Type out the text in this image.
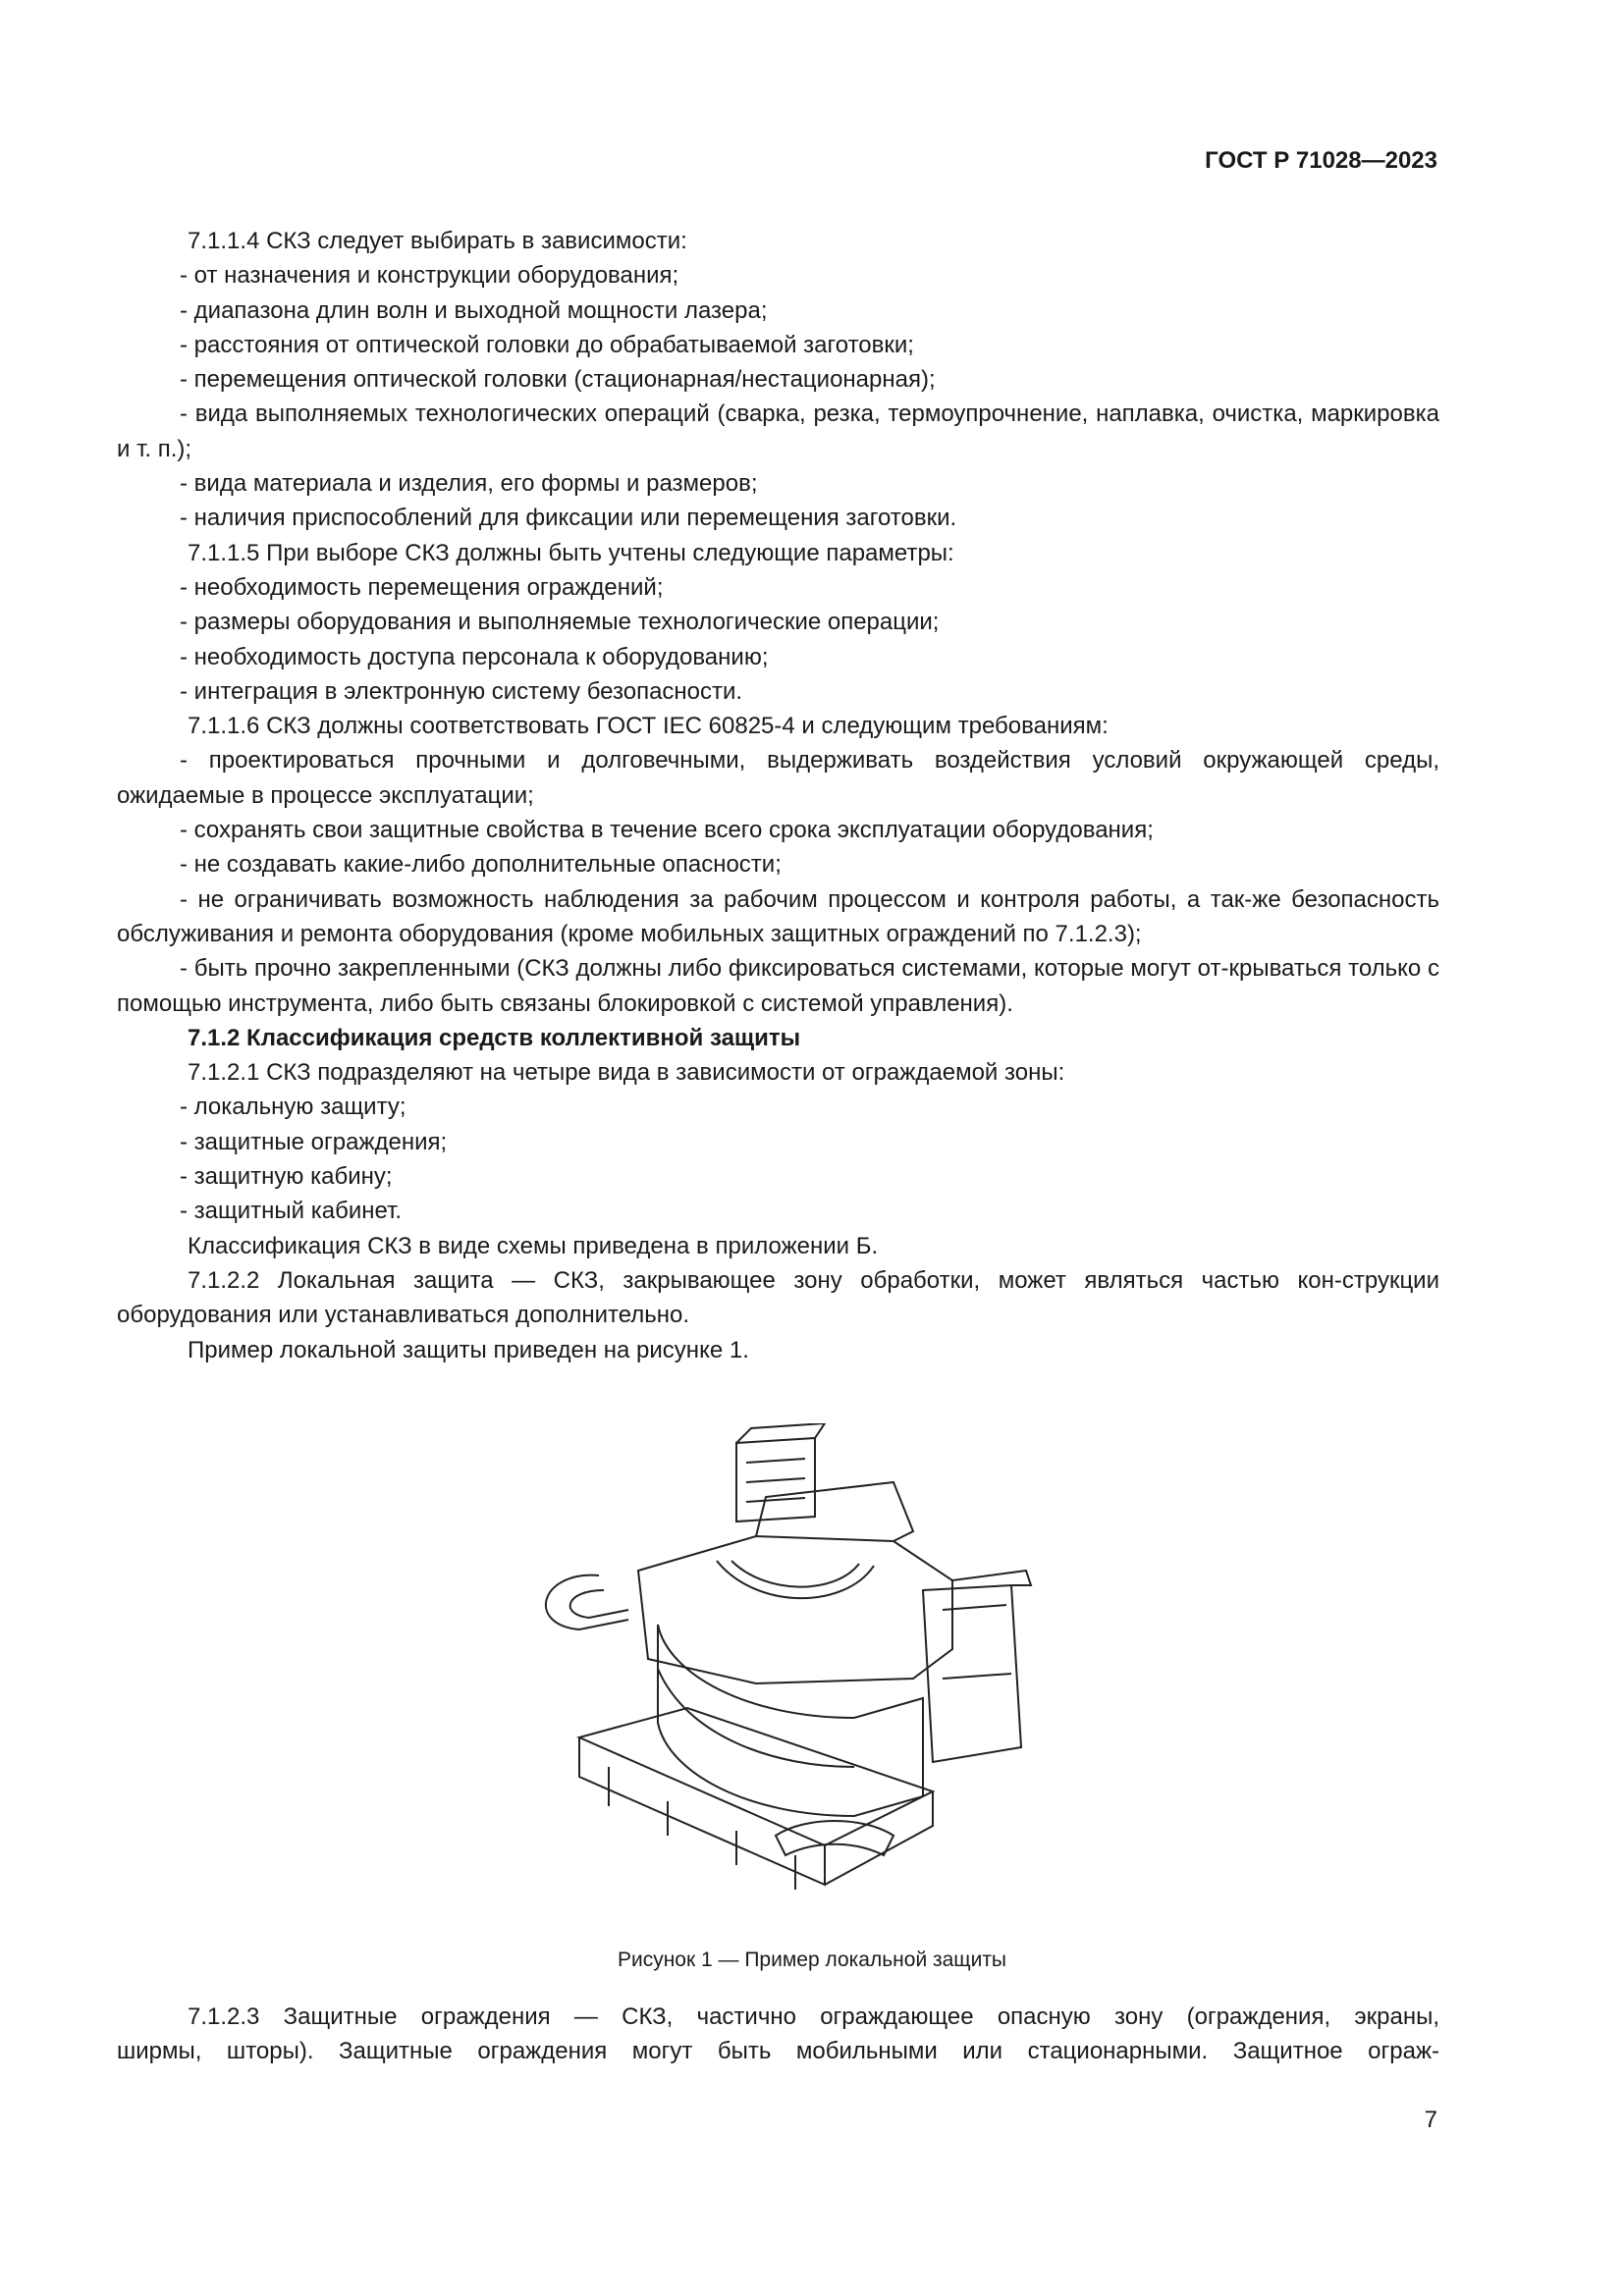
ГОСТ Р 71028—2023

7.1.1.4 СКЗ следует выбирать в зависимости:

- от назначения и конструкции оборудования;

- диапазона длин волн и выходной мощности лазера;

- расстояния от оптической головки до обрабатываемой заготовки;

- перемещения оптической головки (стационарная/нестационарная);

- вида выполняемых технологических операций (сварка, резка, термоупрочнение, наплавка, очистка, маркировка и т. п.);

- вида материала и изделия, его формы и размеров;

- наличия приспособлений для фиксации или перемещения заготовки.

7.1.1.5 При выборе СКЗ должны быть учтены следующие параметры:

- необходимость перемещения ограждений;

- размеры оборудования и выполняемые технологические операции;

- необходимость доступа персонала к оборудованию;

- интеграция в электронную систему безопасности.

7.1.1.6 СКЗ должны соответствовать ГОСТ IEC 60825-4 и следующим требованиям:

- проектироваться прочными и долговечными, выдерживать воздействия условий окружающей среды, ожидаемые в процессе эксплуатации;

- сохранять свои защитные свойства в течение всего срока эксплуатации оборудования;

- не создавать какие-либо дополнительные опасности;

- не ограничивать возможность наблюдения за рабочим процессом и контроля работы, а так-же безопасность обслуживания и ремонта оборудования (кроме мобильных защитных ограждений по 7.1.2.3);

- быть прочно закрепленными (СКЗ должны либо фиксироваться системами, которые могут от-крываться только с помощью инструмента, либо быть связаны блокировкой с системой управления).

7.1.2 Классификация средств коллективной защиты

7.1.2.1 СКЗ подразделяют на четыре вида в зависимости от ограждаемой зоны:

- локальную защиту;

- защитные ограждения;

- защитную кабину;

- защитный кабинет.

Классификация СКЗ в виде схемы приведена в приложении Б.

7.1.2.2 Локальная защита — СКЗ, закрывающее зону обработки, может являться частью кон-струкции оборудования или устанавливаться дополнительно.

Пример локальной защиты приведен на рисунке 1.

Рисунок 1 — Пример локальной защиты

7.1.2.3 Защитные ограждения — СКЗ, частично ограждающее опасную зону (ограждения, экраны,

ширмы, шторы). Защитные ограждения могут быть мобильными или стационарными. Защитное ограж-

7
